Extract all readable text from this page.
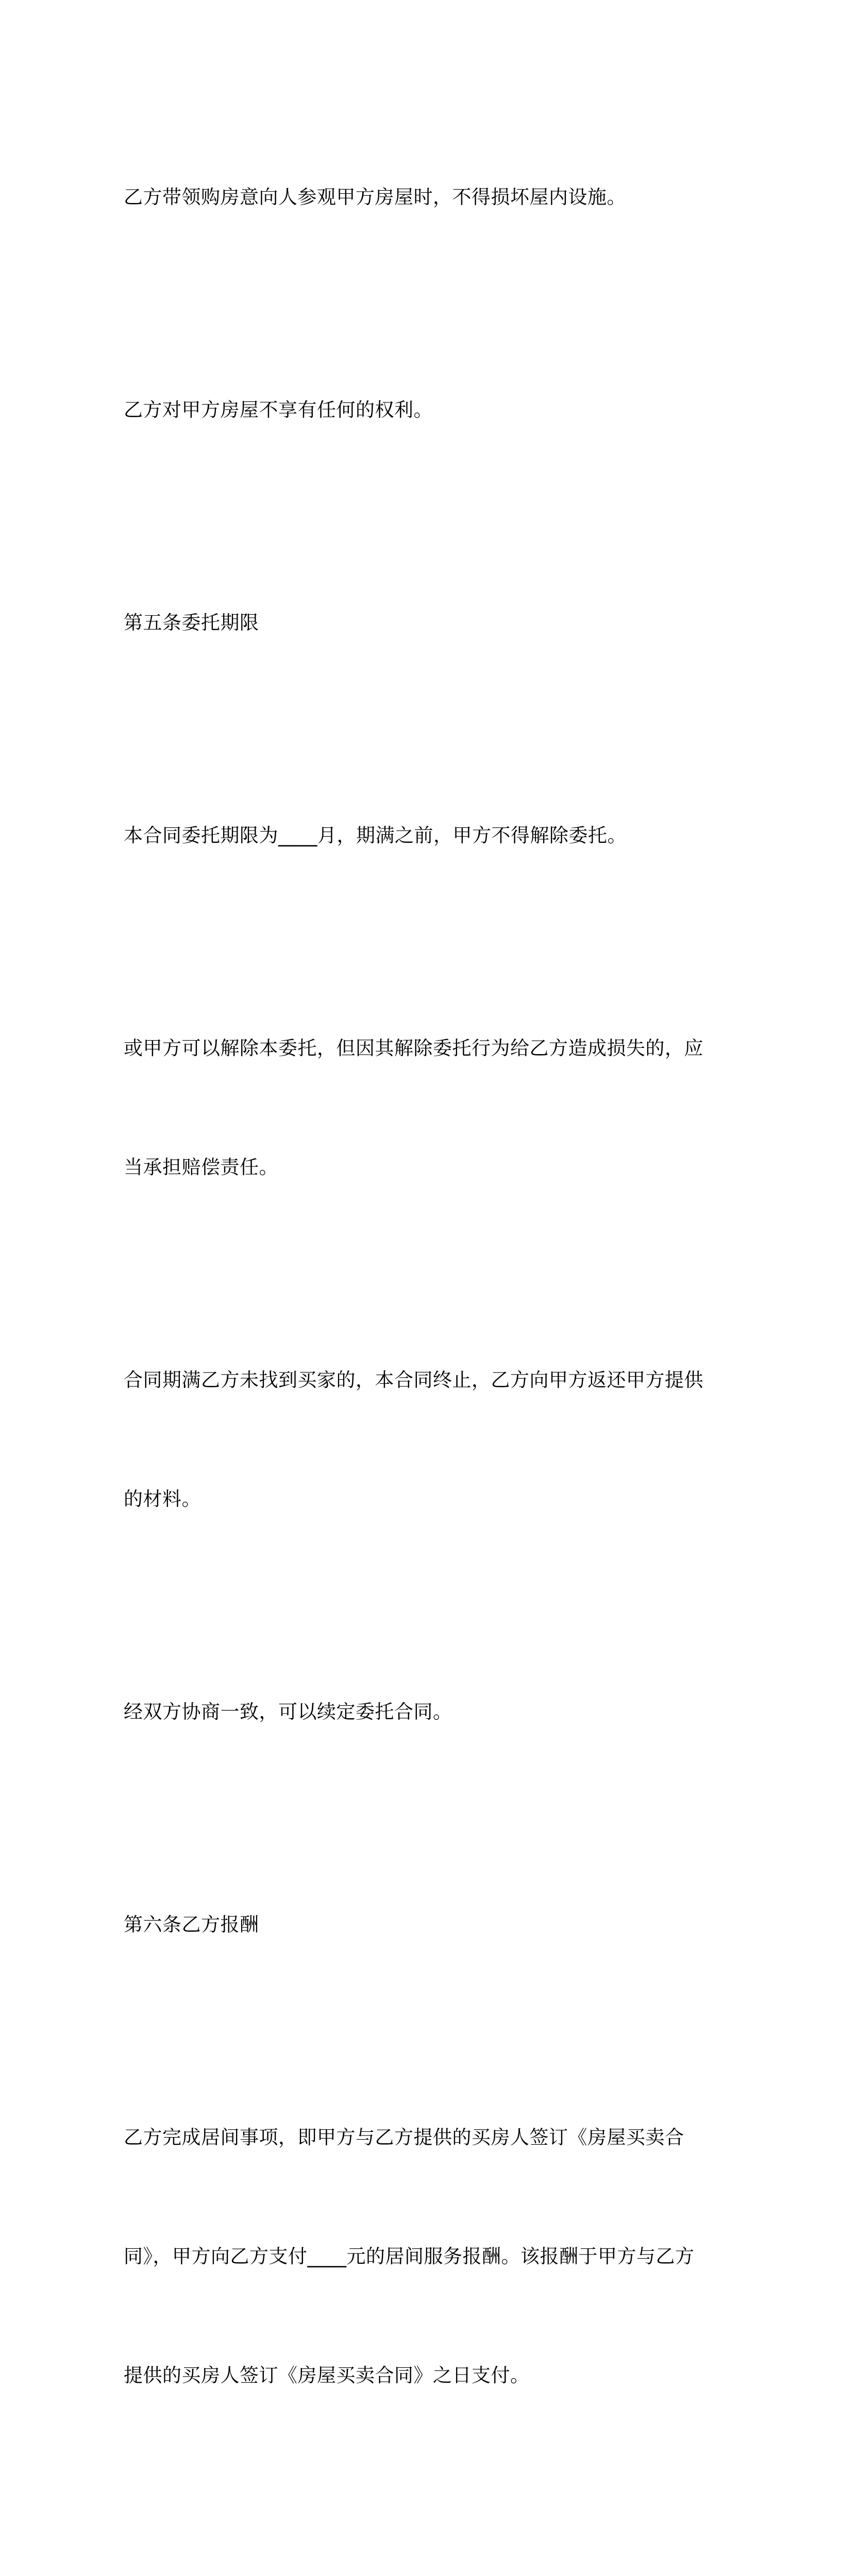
乙方带领购房意向人参观甲方房屋时，不得损坏屋内设施。

乙方对甲方房屋不享有任何的权利。

第五条委托期限

本合同委托期限为____月，期满之前，甲方不得解除委托。

或甲方可以解除本委托，但因其解除委托行为给乙方造成损失的，应

当承担赔偿责任。

合同期满乙方未找到买家的，本合同终止，乙方向甲方返还甲方提供

的材料。

经双方协商一致，可以续定委托合同。

第六条乙方报酬

乙方完成居间事项，即甲方与乙方提供的买房人签订《房屋买卖合

同》，甲方向乙方支付____元的居间服务报酬。该报酬于甲方与乙方

提供的买房人签订《房屋买卖合同》之日支付。
